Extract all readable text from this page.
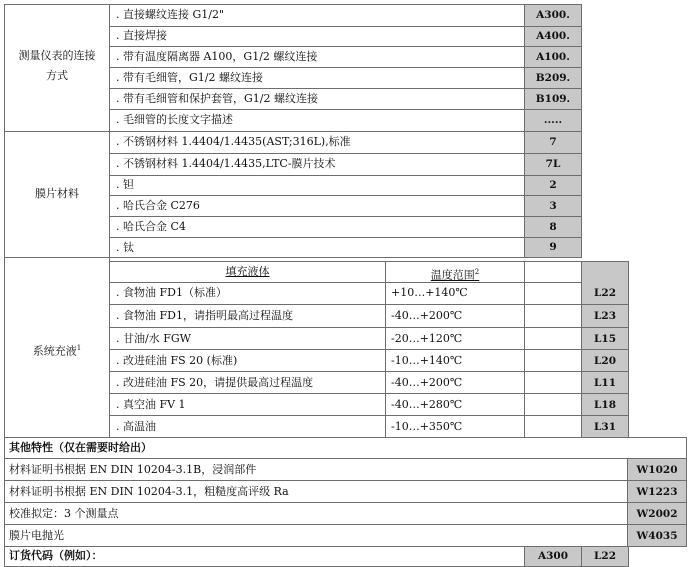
测量仪表的连接
方式
. 直接螺纹连接 G1/2"	A300.
. 直接焊接	A400.
. 带有温度隔离器 A100，G1/2 螺纹连接	A100.
. 带有毛细管，G1/2 螺纹连接	B209.
. 带有毛细管和保护套管，G1/2 螺纹连接	B109.
. 毛细管的长度文字描述	.....
膜片材料
. 不锈钢材料 1.4404/1.4435(AST;316L),标准	7
. 不锈钢材料 1.4404/1.4435,LTC-膜片技术	7L
. 钽	2
. 哈氏合金 C276	3
. 哈氏合金 C4	8
. 钛	9
系统充液$^1$
填充液体	温度范围$^2$
. 食物油 FD1（标准）	+10…+140℃	L22
. 食物油 FD1，请指明最高过程温度	-40…+200℃	L23
. 甘油/水 FGW	-20…+120℃	L15
. 改进硅油 FS 20 (标准)	-10…+140℃	L20
. 改进硅油 FS 20，请提供最高过程温度	-40…+200℃	L11
. 真空油 FV 1	-40…+280℃	L18
. 高温油	-10…+350℃	L31
其他特性（仅在需要时给出）
材料证明书根据 EN DIN 10204-3.1B，浸润部件	W1020
材料证明书根据 EN DIN 10204-3.1，粗糙度高评级 Ra	W1223
校准拟定：3 个测量点	W2002
膜片电抛光	W4035
订货代码（例如）：	A300	L22
